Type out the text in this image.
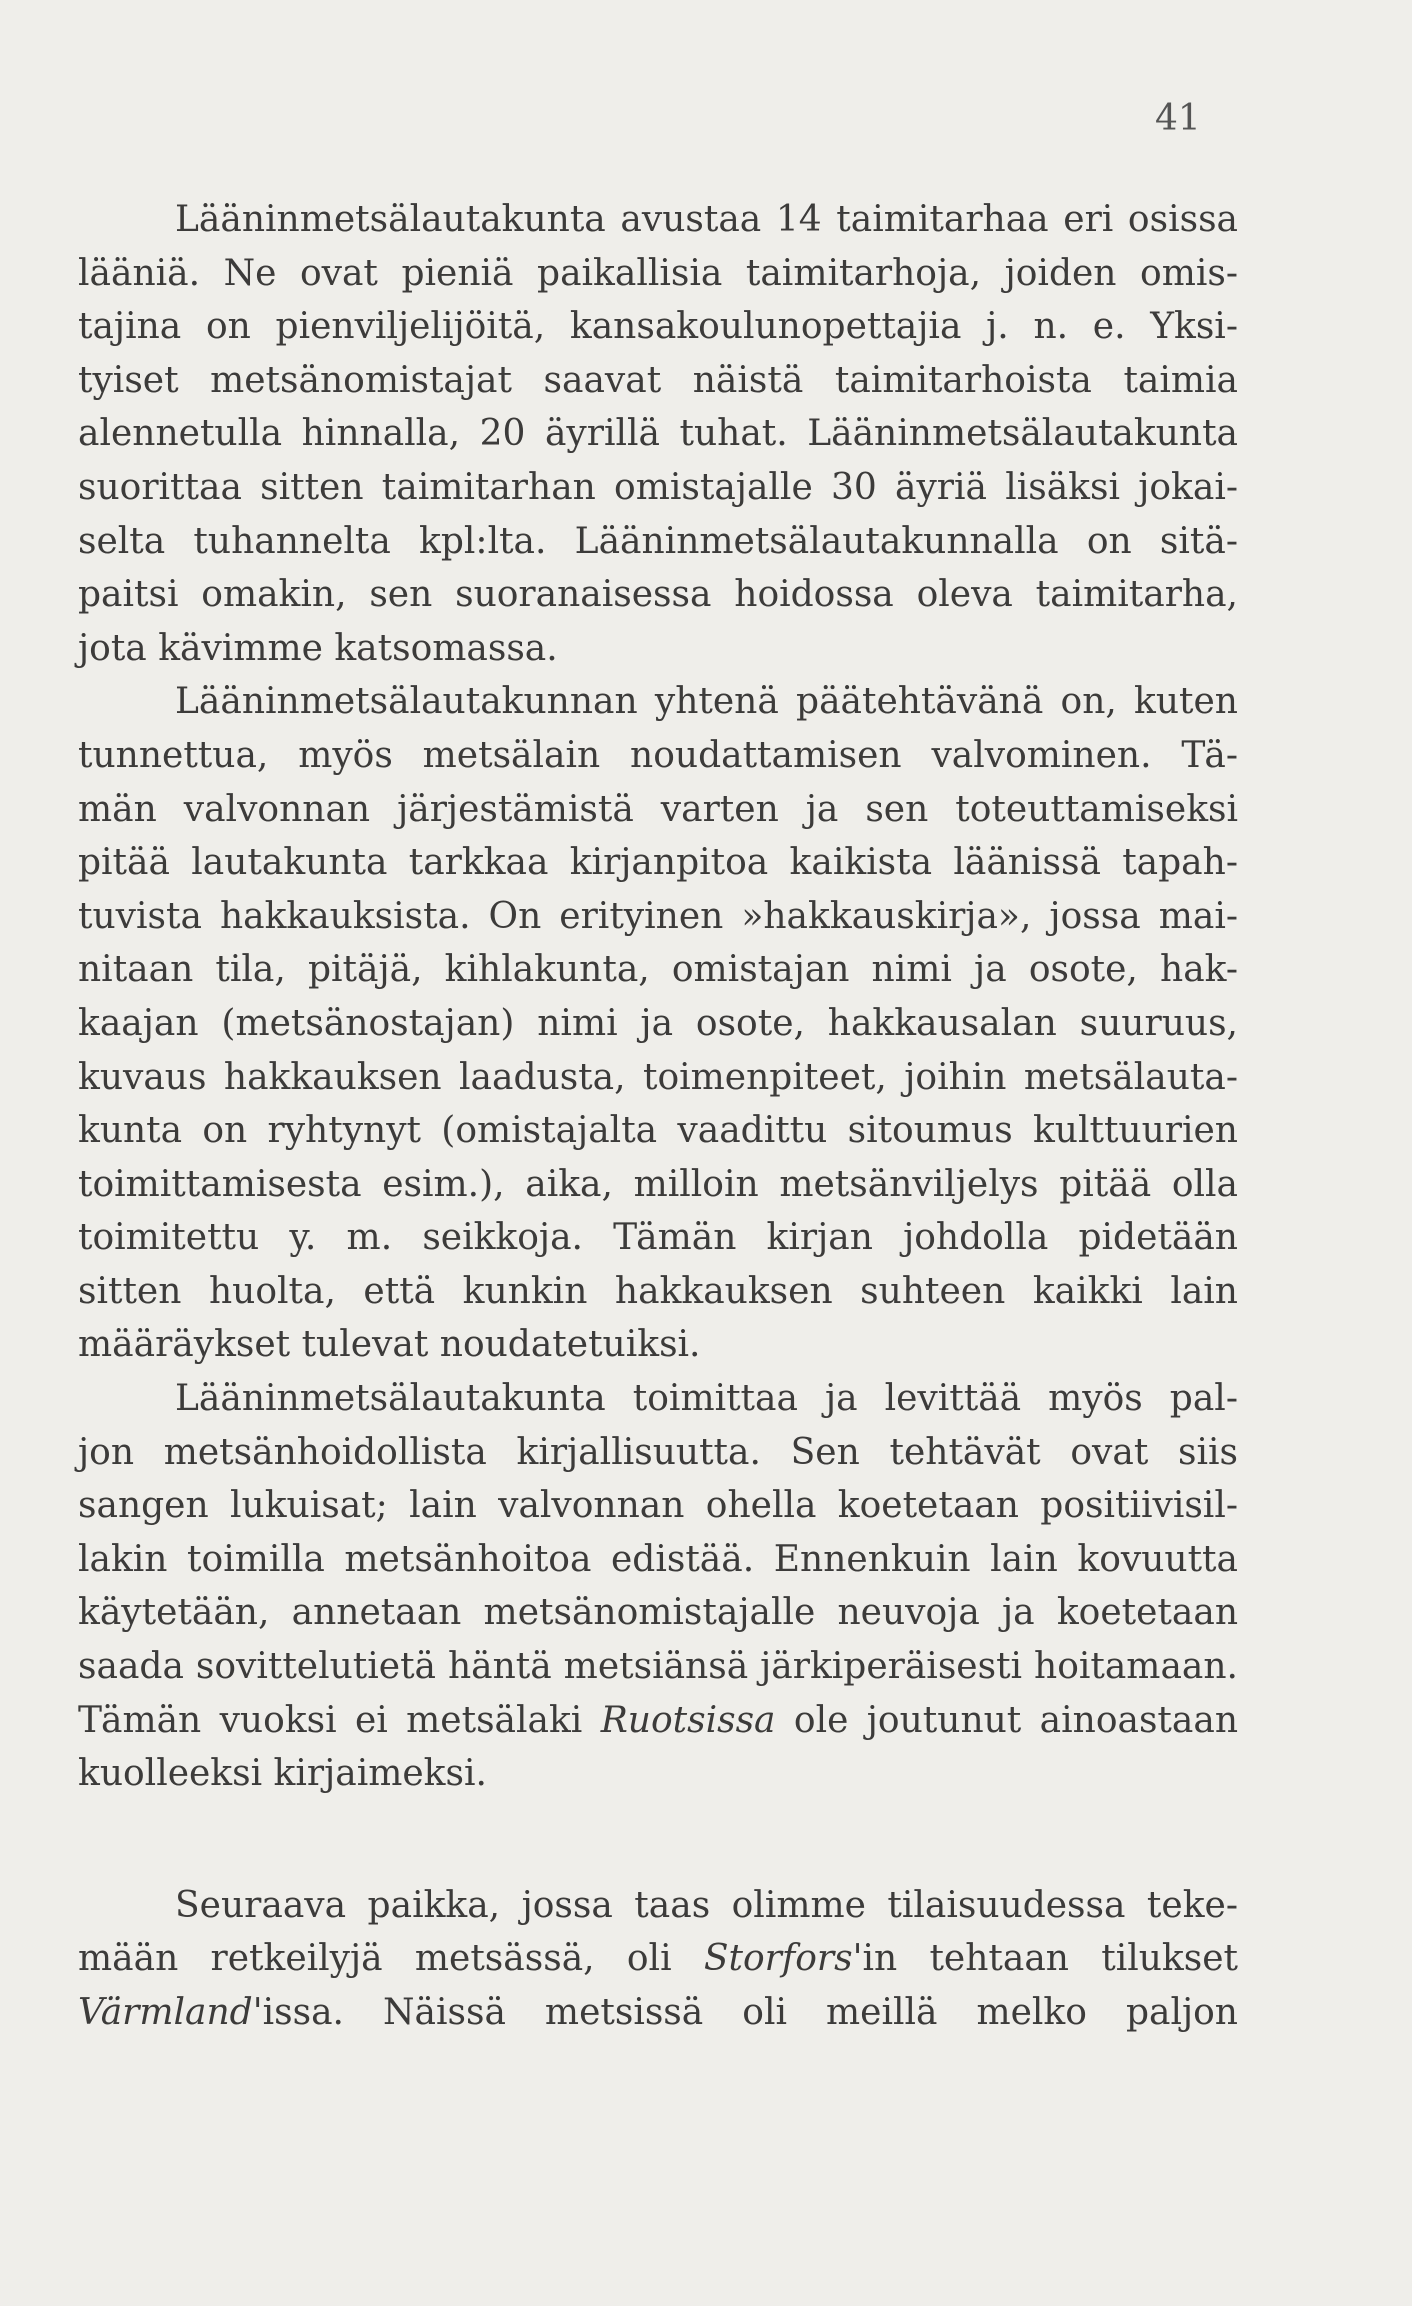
41
Lääninmetsälautakunta avustaa 14 taimitarhaa eri osissa
lääniä. Ne ovat pieniä paikallisia taimitarhoja, joiden omis-
tajina on pienviljelijöitä, kansakoulunopettajia j. n. e. Yksi-
tyiset metsänomistajat saavat näistä taimitarhoista taimia
alennetulla hinnalla, 20 äyrillä tuhat. Lääninmetsälautakunta
suorittaa sitten taimitarhan omistajalle 30 äyriä lisäksi jokai-
selta tuhannelta kpl:lta. Lääninmetsälautakunnalla on sitä-
paitsi omakin, sen suoranaisessa hoidossa oleva taimitarha,
jota kävimme katsomassa.
Lääninmetsälautakunnan yhtenä päätehtävänä on, kuten
tunnettua, myös metsälain noudattamisen valvominen. Tä-
män valvonnan järjestämistä varten ja sen toteuttamiseksi
pitää lautakunta tarkkaa kirjanpitoa kaikista läänissä tapah-
tuvista hakkauksista. On erityinen »hakkauskirja», jossa mai-
nitaan tila, pitäjä, kihlakunta, omistajan nimi ja osote, hak-
kaajan (metsänostajan) nimi ja osote, hakkausalan suuruus,
kuvaus hakkauksen laadusta, toimenpiteet, joihin metsälauta-
kunta on ryhtynyt (omistajalta vaadittu sitoumus kulttuurien
toimittamisesta esim.), aika, milloin metsänviljelys pitää olla
toimitettu y. m. seikkoja. Tämän kirjan johdolla pidetään
sitten huolta, että kunkin hakkauksen suhteen kaikki lain
määräykset tulevat noudatetuiksi.
Lääninmetsälautakunta toimittaa ja levittää myös pal-
jon metsänhoidollista kirjallisuutta. Sen tehtävät ovat siis
sangen lukuisat; lain valvonnan ohella koetetaan positiivisil-
lakin toimilla metsänhoitoa edistää. Ennenkuin lain kovuutta
käytetään, annetaan metsänomistajalle neuvoja ja koetetaan
saada sovittelutietä häntä metsiänsä järkiperäisesti hoitamaan.
Tämän vuoksi ei metsälaki Ruotsissa ole joutunut ainoastaan
kuolleeksi kirjaimeksi.
Seuraava paikka, jossa taas olimme tilaisuudessa teke-
mään retkeilyjä metsässä, oli Storfors'in tehtaan tilukset
Värmland'issa. Näissä metsissä oli meillä melko paljon
